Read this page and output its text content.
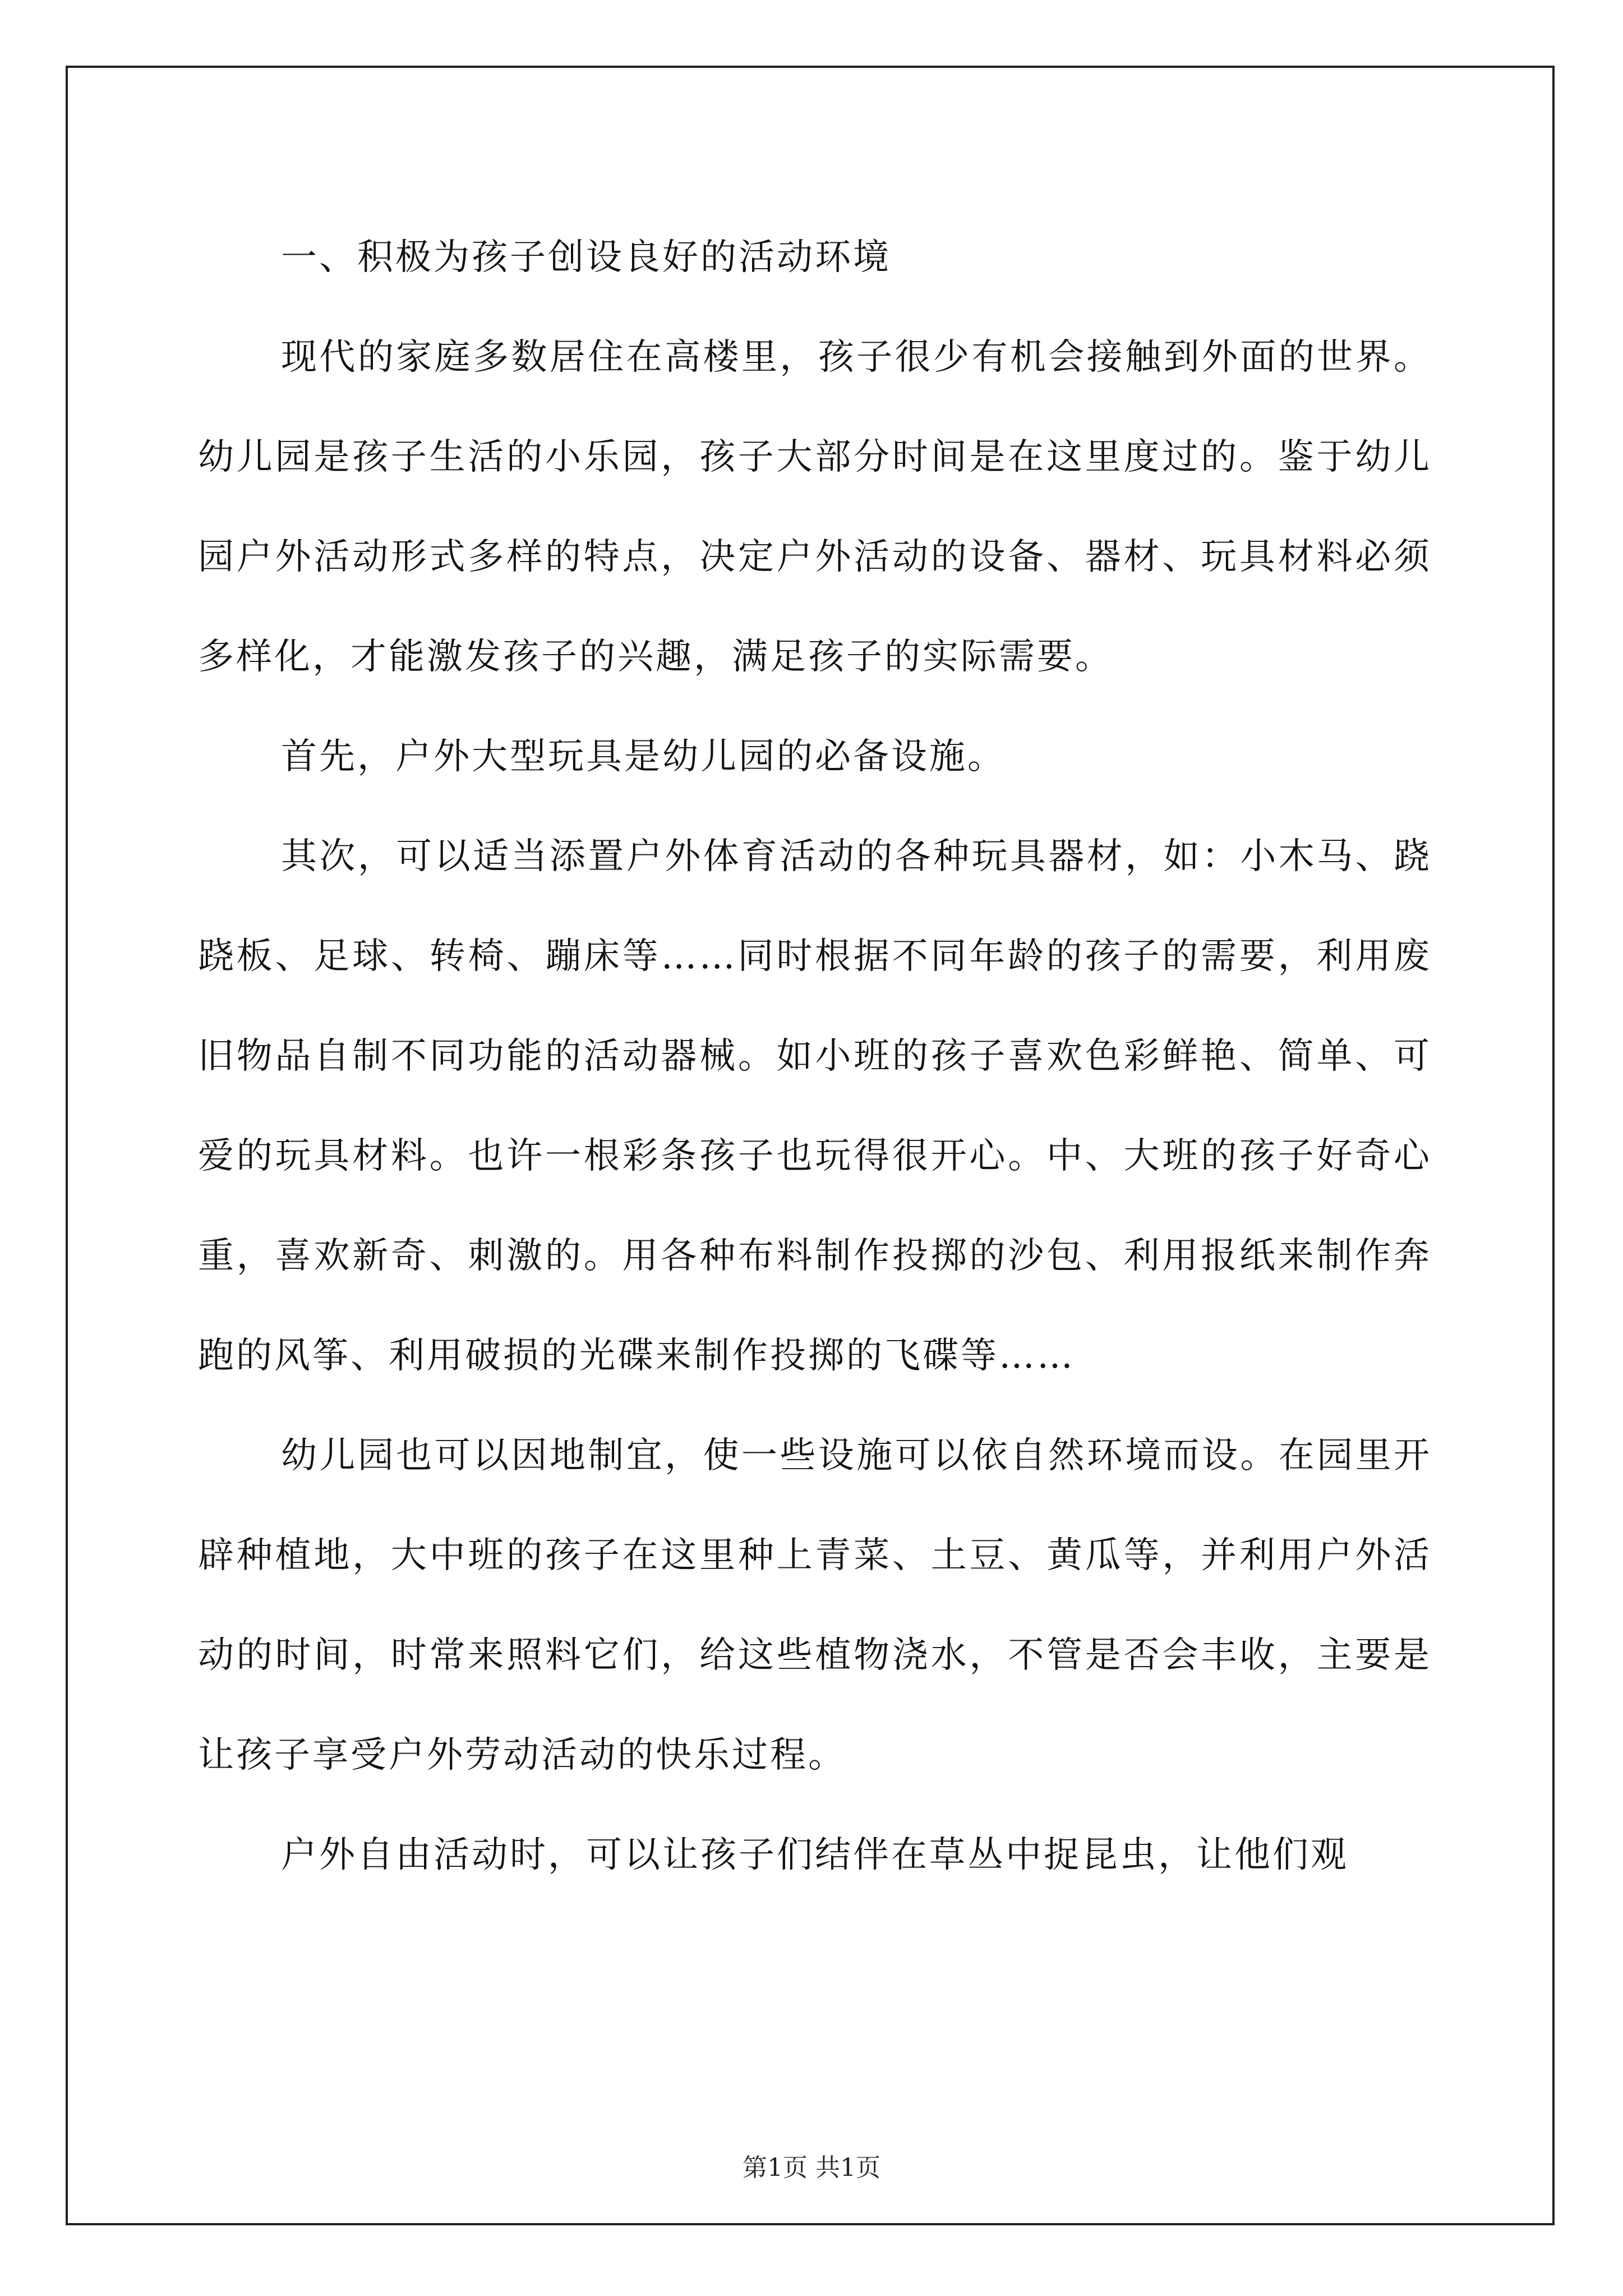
一、积极为孩子创设良好的活动环境

现代的家庭多数居住在高楼里，孩子很少有机会接触到外面的世界。幼儿园是孩子生活的小乐园，孩子大部分时间是在这里度过的。鉴于幼儿园户外活动形式多样的特点，决定户外活动的设备、器材、玩具材料必须多样化，才能激发孩子的兴趣，满足孩子的实际需要。

首先，户外大型玩具是幼儿园的必备设施。

其次，可以适当添置户外体育活动的各种玩具器材，如：小木马、跷跷板、足球、转椅、蹦床等……同时根据不同年龄的孩子的需要，利用废旧物品自制不同功能的活动器械。如小班的孩子喜欢色彩鲜艳、简单、可爱的玩具材料。也许一根彩条孩子也玩得很开心。中、大班的孩子好奇心重，喜欢新奇、刺激的。用各种布料制作投掷的沙包、利用报纸来制作奔跑的风筝、利用破损的光碟来制作投掷的飞碟等……

幼儿园也可以因地制宜，使一些设施可以依自然环境而设。在园里开辟种植地，大中班的孩子在这里种上青菜、土豆、黄瓜等，并利用户外活动的时间，时常来照料它们，给这些植物浇水，不管是否会丰收，主要是让孩子享受户外劳动活动的快乐过程。

户外自由活动时，可以让孩子们结伴在草丛中捉昆虫，让他们观

第1页 共1页
